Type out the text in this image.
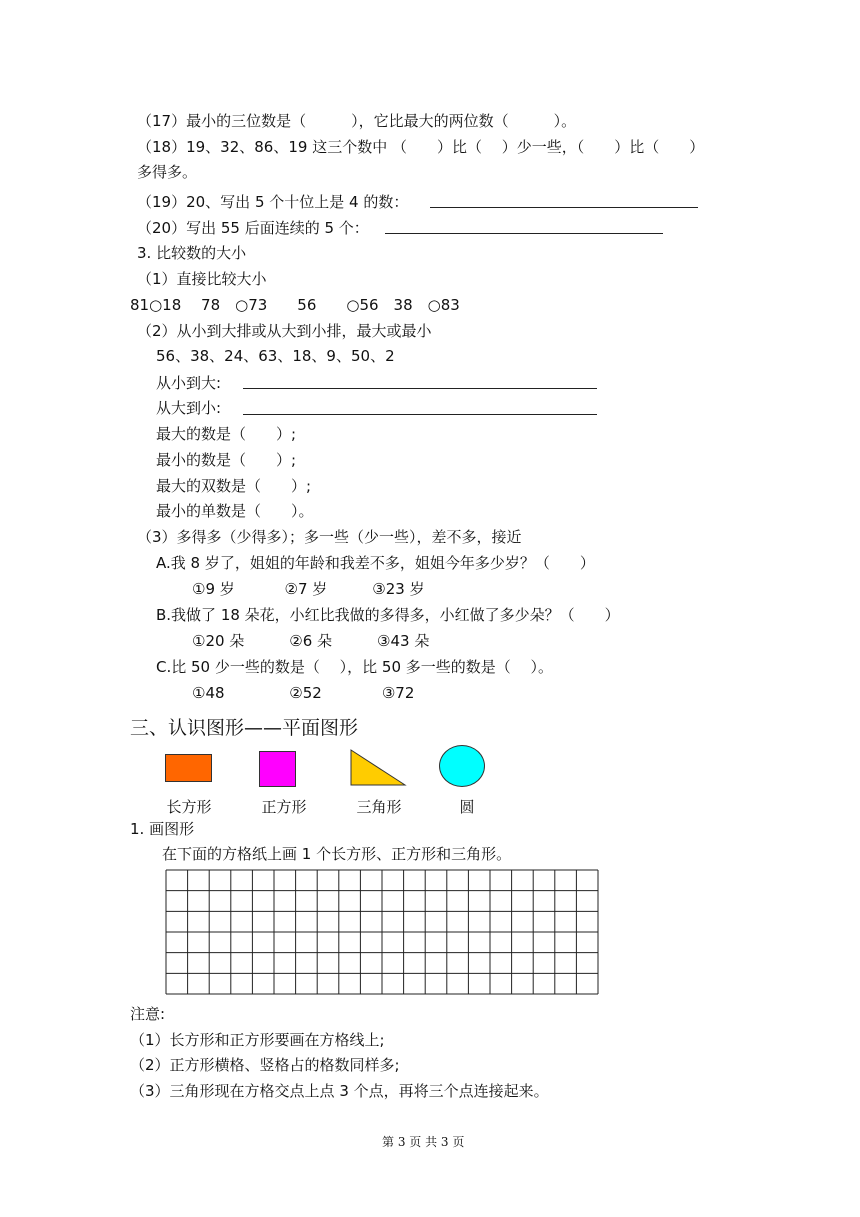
（17）最小的三位数是（　　　），它比最大的两位数（　　　）。
（18）19、32、86、19 这三个数中 （　　）比（　 ）少一些，（　　）比（　　）
多得多。
（19）20、写出 5 个十位上是 4 的数：
（20）写出 55 后面连续的 5 个：
3. 比较数的大小
（1）直接比较大小
81○18　 78　○73　　56　　○56　38　○83
（2）从小到大排或从大到小排，最大或最小
56、38、24、63、18、9、50、2
从小到大:
从大到小:
最大的数是（　　）;
最小的数是（　　）;
最大的双数是（　　）;
最小的单数是（　　）。
（3）多得多（少得多）；多一些（少一些），差不多，接近
A.我 8 岁了，姐姐的年龄和我差不多，姐姐今年多少岁？（　　）
①9 岁　　　 ②7 岁　　　③23 岁
B.我做了 18 朵花，小红比我做的多得多，小红做了多少朵？（　　）
①20 朵　　　②6 朵　　　③43 朵
C.比 50 少一些的数是（　 ），比 50 多一些的数是（　 ）。
①48　　　　 ②52　　　　③72
1. 画图形
在下面的方格纸上画 1 个长方形、正方形和三角形。
注意:
（1）长方形和正方形要画在方格线上;
（2）正方形横格、竖格占的格数同样多;
（3）三角形现在方格交点上点 3 个点，再将三个点连接起来。
三、认识图形——平面图形
长方形	正方形	三角形	圆
第 3 页 共 3 页
